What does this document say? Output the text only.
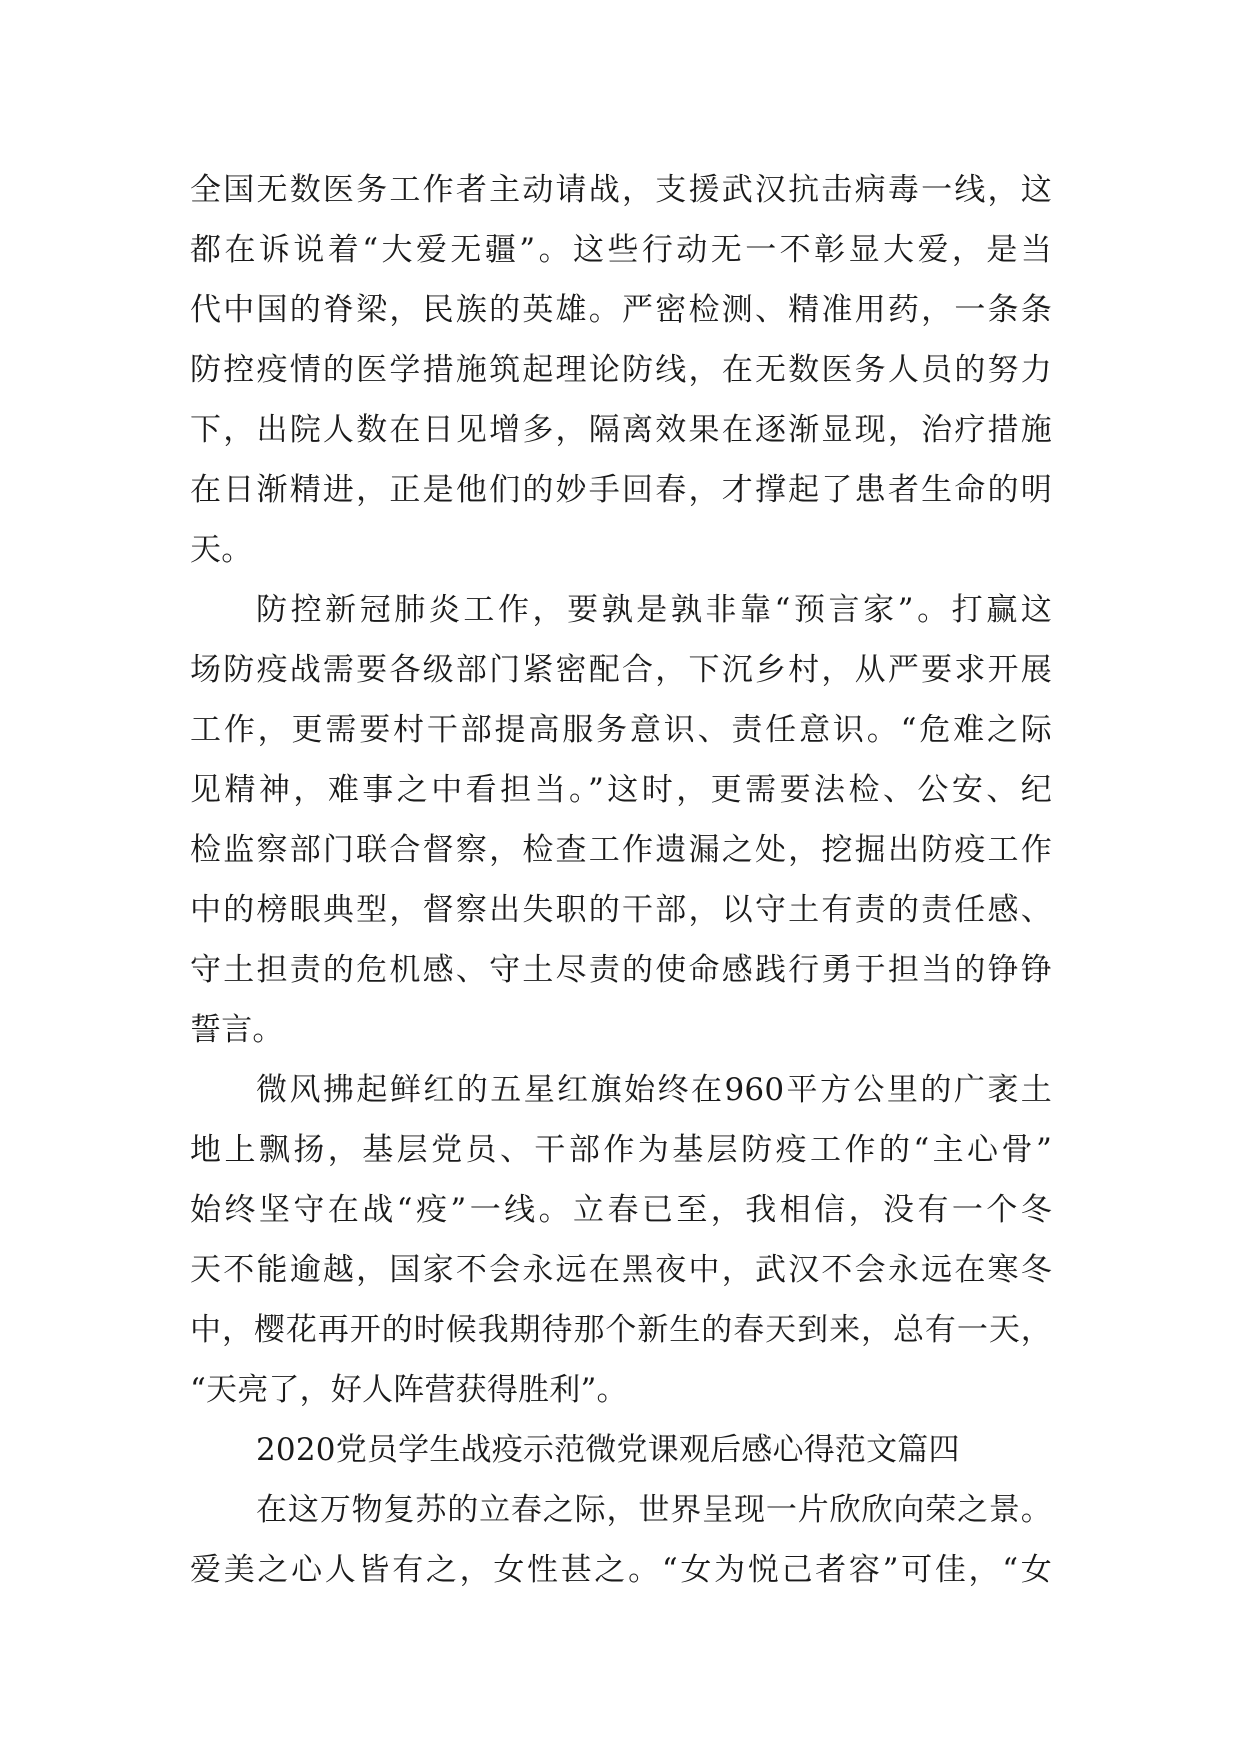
全国无数医务工作者主动请战，支援武汉抗击病毒一线，这
都在诉说着“大爱无疆”。这些行动无一不彰显大爱，是当
代中国的脊梁，民族的英雄。严密检测、精准用药，一条条
防控疫情的医学措施筑起理论防线，在无数医务人员的努力
下，出院人数在日见增多，隔离效果在逐渐显现，治疗措施
在日渐精进，正是他们的妙手回春，才撑起了患者生命的明
天。
防控新冠肺炎工作，要孰是孰非靠“预言家”。打赢这
场防疫战需要各级部门紧密配合，下沉乡村，从严要求开展
工作，更需要村干部提高服务意识、责任意识。“危难之际
见精神，难事之中看担当。”这时，更需要法检、公安、纪
检监察部门联合督察，检查工作遗漏之处，挖掘出防疫工作
中的榜眼典型，督察出失职的干部，以守土有责的责任感、
守土担责的危机感、守土尽责的使命感践行勇于担当的铮铮
誓言。
微风拂起鲜红的五星红旗始终在960平方公里的广袤土
地上飘扬，基层党员、干部作为基层防疫工作的“主心骨”
始终坚守在战“疫”一线。立春已至，我相信，没有一个冬
天不能逾越，国家不会永远在黑夜中，武汉不会永远在寒冬
中，樱花再开的时候我期待那个新生的春天到来，总有一天，
“天亮了，好人阵营获得胜利”。
2020党员学生战疫示范微党课观后感心得范文篇四
在这万物复苏的立春之际，世界呈现一片欣欣向荣之景。
爱美之心人皆有之，女性甚之。“女为悦己者容”可佳，“女
